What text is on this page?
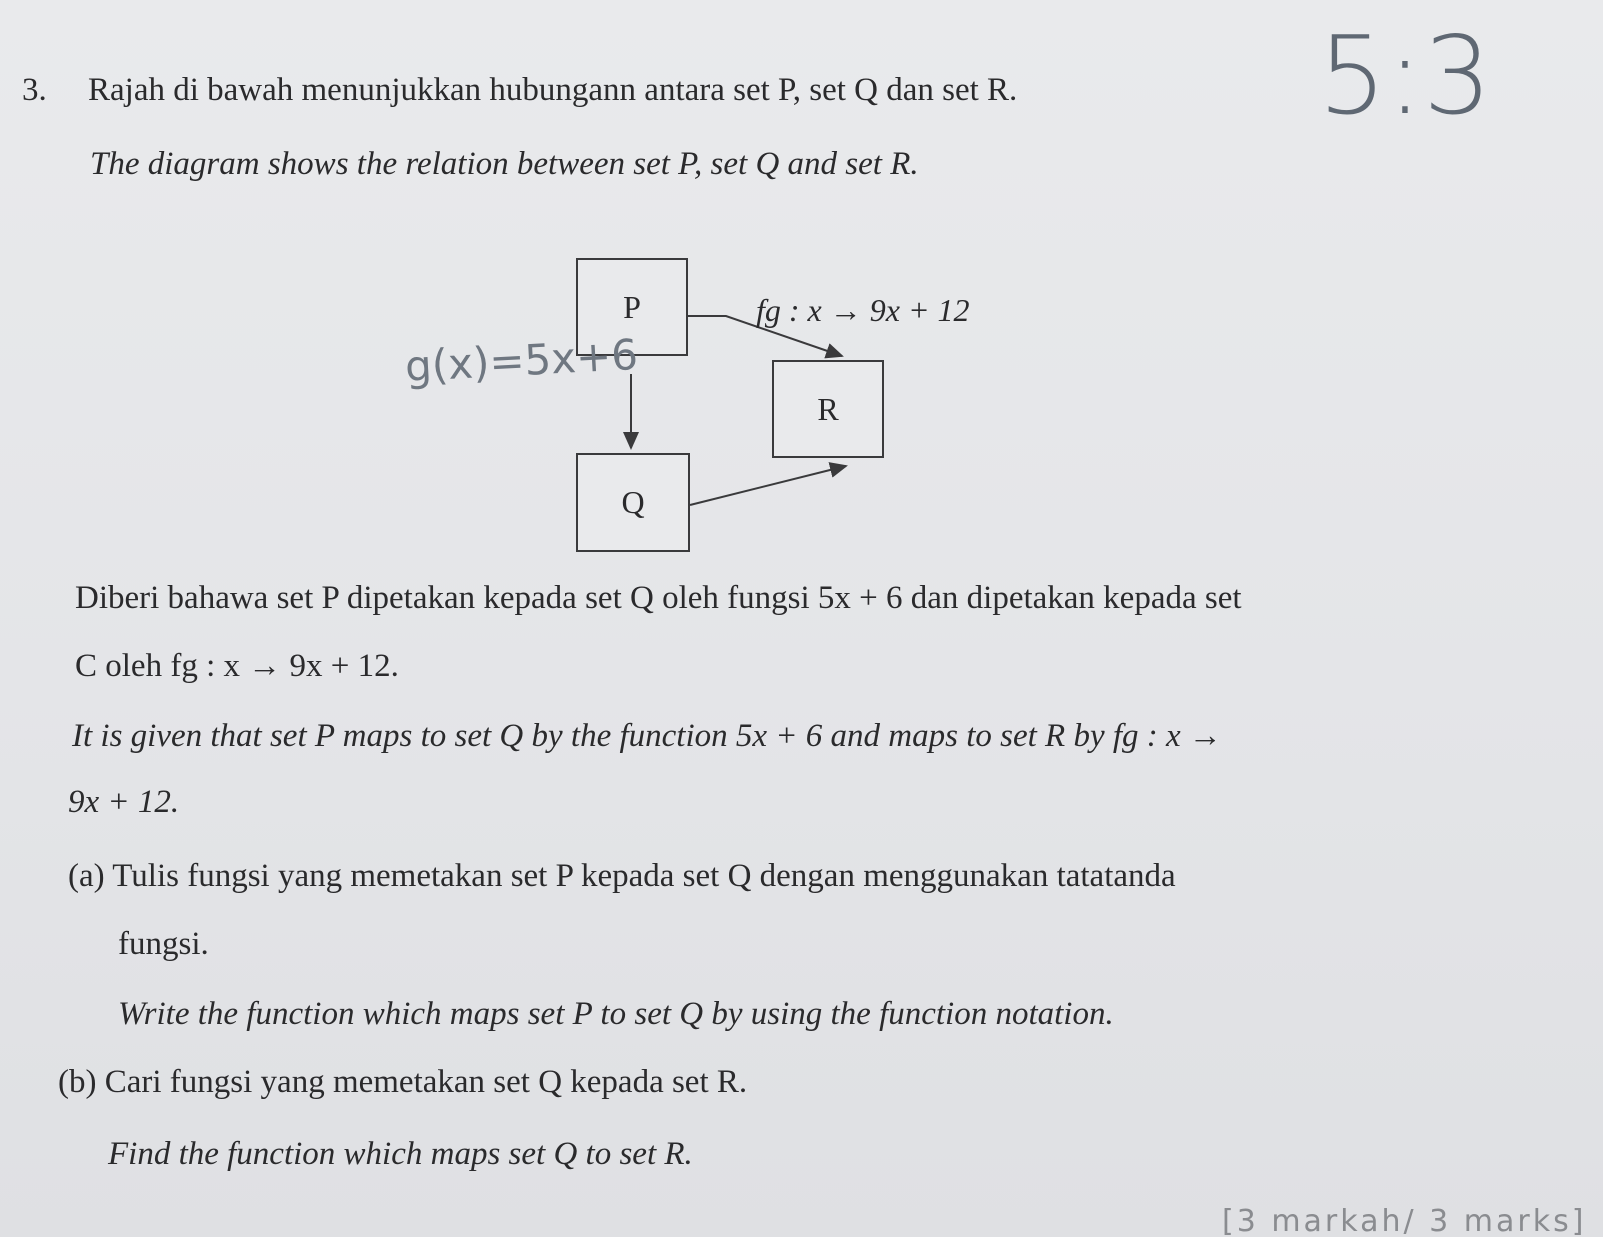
3. Rajah di bawah menunjukkan hubungann antara set P, set Q dan set R.
The diagram shows the relation between set P, set Q and set R.
P
R
Q
fg : x → 9x + 12
g(x)=5x+6
5:3
Diberi bahawa set P dipetakan kepada set Q oleh fungsi 5x + 6 dan dipetakan kepada set
C oleh fg : x → 9x + 12.
It is given that set P maps to set Q by the function 5x + 6 and maps to set R by fg : x →
9x + 12.
(a) Tulis fungsi yang memetakan set P kepada set Q dengan menggunakan tatatanda
fungsi.
Write the function which maps set P to set Q by using the function notation.
(b) Cari fungsi yang memetakan set Q kepada set R.
Find the function which maps set Q to set R.
[3 markah/ 3 marks]
